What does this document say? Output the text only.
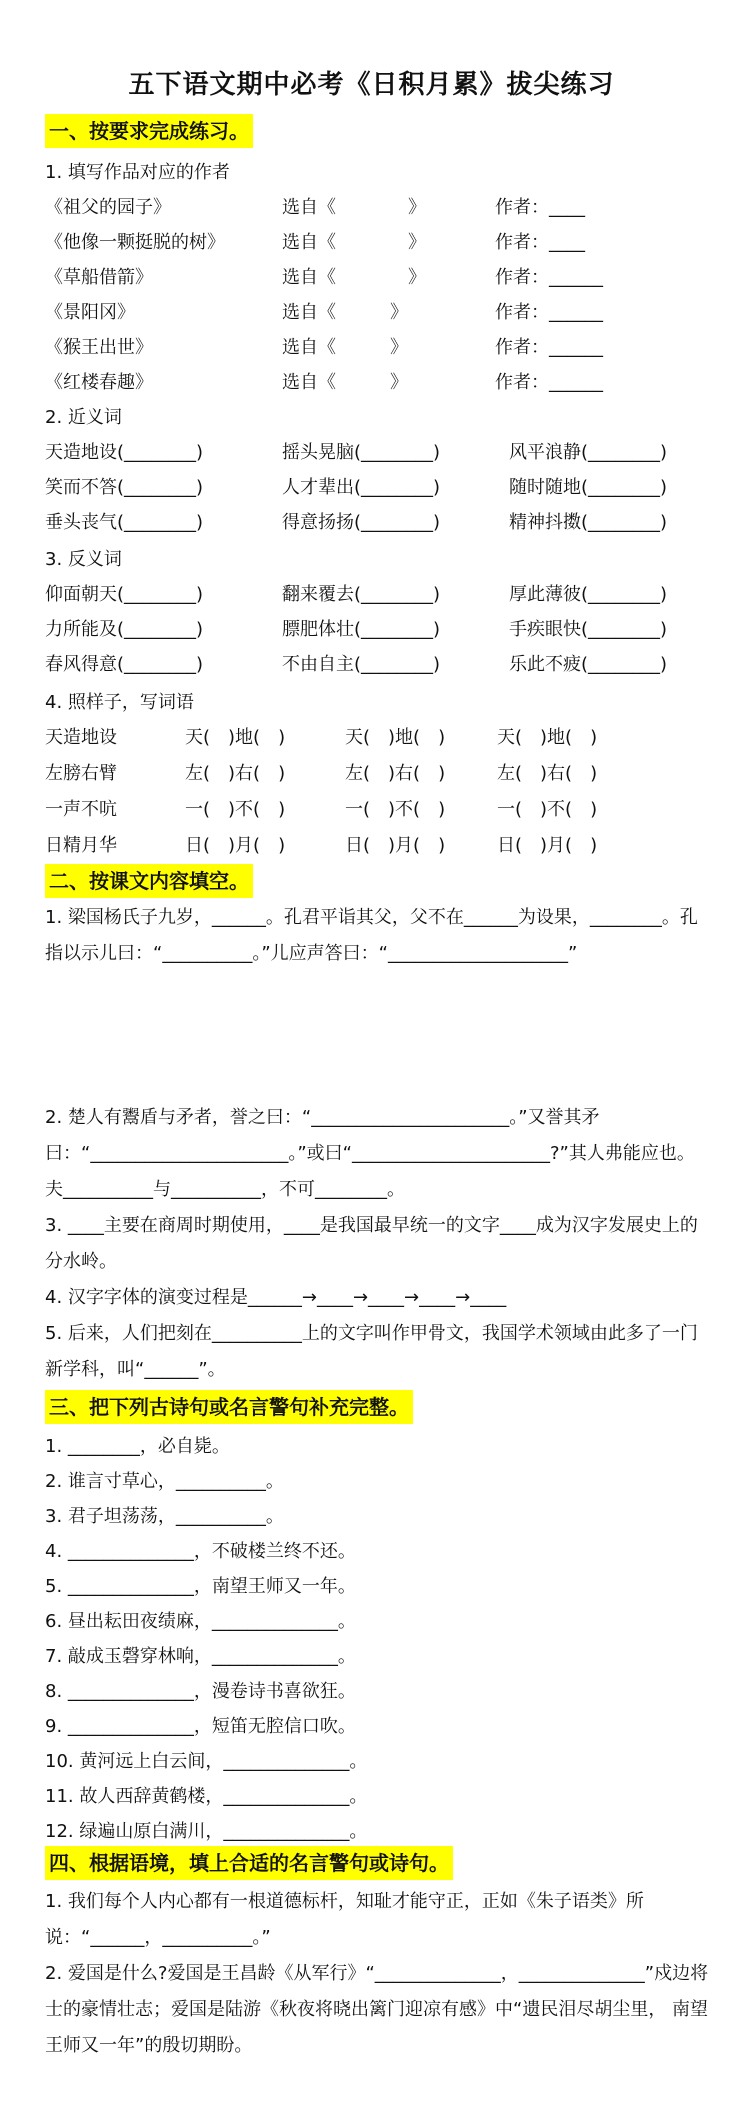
五下语文期中必考《日积月累》拔尖练习
一、按要求完成练习。
1. 填写作品对应的作者
《祖父的园子》	选自《　　　　》	作者：____
《他像一颗挺脱的树》	选自《　　　　》	作者：____
《草船借箭》	选自《　　　　》	作者：______
《景阳冈》	选自《　　　》	作者：______
《猴王出世》	选自《　　　》	作者：______
《红楼春趣》	选自《　　　》	作者：______
2. 近义词
天造地设(________)	摇头晃脑(________)	风平浪静(________)
笑而不答(________)	人才辈出(________)	随时随地(________)
垂头丧气(________)	得意扬扬(________)	精神抖擞(________)
3. 反义词
仰面朝天(________)	翻来覆去(________)	厚此薄彼(________)
力所能及(________)	膘肥体壮(________)	手疾眼快(________)
春风得意(________)	不由自主(________)	乐此不疲(________)
4. 照样子，写词语
天造地设	天(　)地(　)	天(　)地(　)	天(　)地(　)
左膀右臂	左(　)右(　)	左(　)右(　)	左(　)右(　)
一声不吭	一(　)不(　)	一(　)不(　)	一(　)不(　)
日精月华	日(　)月(　)	日(　)月(　)	日(　)月(　)
二、按课文内容填空。
1. 梁国杨氏子九岁，______。孔君平诣其父，父不在______为设果，________。孔指以示儿曰：“__________。”儿应声答曰：“____________________”
2. 楚人有鬻盾与矛者，誉之曰：“______________________。”又誉其矛曰：“______________________。”或曰“______________________?”其人弗能应也。夫__________与__________，不可________。
3. ____主要在商周时期使用，____是我国最早统一的文字____成为汉字发展史上的分水岭。
4. 汉字字体的演变过程是______→____→____→____→____
5. 后来，人们把刻在__________上的文字叫作甲骨文，我国学术领域由此多了一门新学科，叫“______”。
三、把下列古诗句或名言警句补充完整。
1. ________，必自毙。
2. 谁言寸草心，__________。
3. 君子坦荡荡，__________。
4. ______________，不破楼兰终不还。
5. ______________，南望王师又一年。
6. 昼出耘田夜绩麻，______________。
7. 敲成玉磬穿林响，______________。
8. ______________，漫卷诗书喜欲狂。
9. ______________，短笛无腔信口吹。
10. 黄河远上白云间，______________。
11. 故人西辞黄鹤楼，______________。
12. 绿遍山原白满川，______________。
四、根据语境，填上合适的名言警句或诗句。
1. 我们每个人内心都有一根道德标杆，知耻才能守正，正如《朱子语类》所说：“______，__________。”
2. 爱国是什么?爱国是王昌龄《从军行》“______________，______________”戍边将士的豪情壮志；爱国是陆游《秋夜将晓出篱门迎凉有感》中“遗民泪尽胡尘里， 南望王师又一年”的殷切期盼。
